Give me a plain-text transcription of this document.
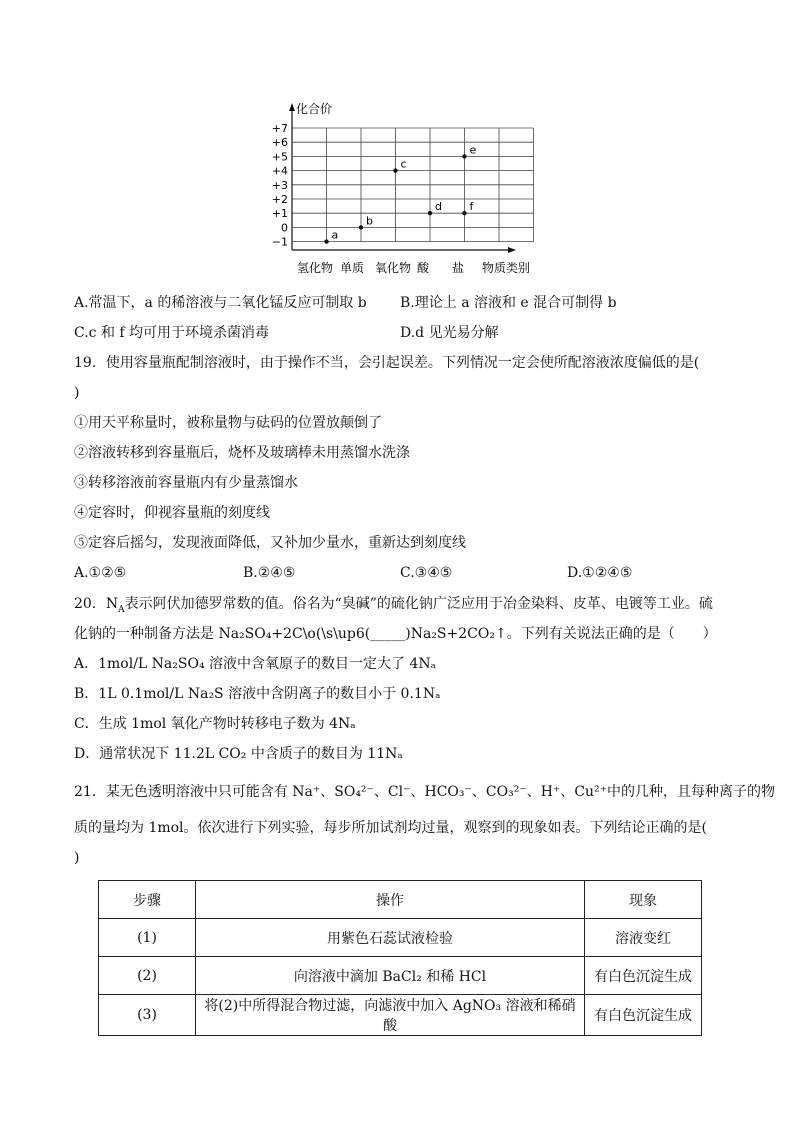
化合价
+7
+6
+5
+4
+3
+2
+1
0
−1
a
b
c
d
e
f
氢化物 单质 氧化物 酸 盐 物质类别
A.常温下，a 的稀溶液与二氧化锰反应可制取 b B.理论上 a 溶液和 e 混合可制得 b
C.c 和 f 均可用于环境杀菌消毒	D.d 见光易分解
19．使用容量瓶配制溶液时，由于操作不当，会引起误差。下列情况一定会使所配溶液浓度偏低的是(
)
①用天平称量时，被称量物与砝码的位置放颠倒了
②溶液转移到容量瓶后，烧杯及玻璃棒未用蒸馏水洗涤
③转移溶液前容量瓶内有少量蒸馏水
④定容时，仰视容量瓶的刻度线
⑤定容后摇匀，发现液面降低，又补加少量水，重新达到刻度线
A.①②⑤	B.②④⑤	C.③④⑤	D.①②④⑤
20．$N_A$表示阿伏加德罗常数的值。俗名为“臭碱”的硫化钠广泛应用于冶金染料、皮革、电镀等工业。硫
化钠的一种制备方法是 Na₂SO₄+2C\o(\s\up6(_____)Na₂S+2CO₂↑。下列有关说法正确的是（　　）
A．1mol/L Na₂SO₄ 溶液中含氧原子的数目一定大了 4Nₐ
B．1L 0.1mol/L Na₂S 溶液中含阴离子的数目小于 0.1Nₐ
C．生成 1mol 氧化产物时转移电子数为 4Nₐ
D．通常状况下 11.2L CO₂ 中含质子的数目为 11Nₐ
21．某无色透明溶液中只可能含有 Na⁺、SO₄²⁻、Cl⁻、HCO₃⁻、CO₃²⁻、H⁺、Cu²⁺中的几种，且每种离子的物
质的量均为 1mol。依次进行下列实验，每步所加试剂均过量，观察到的现象如表。下列结论正确的是(
)
步骤	操作	现象
(1)	用紫色石蕊试液检验	溶液变红
(2)	向溶液中滴加 BaCl₂ 和稀 HCl	有白色沉淀生成
(3)	将(2)中所得混合物过滤，向滤液中加入 AgNO₃ 溶液和稀硝酸	有白色沉淀生成
